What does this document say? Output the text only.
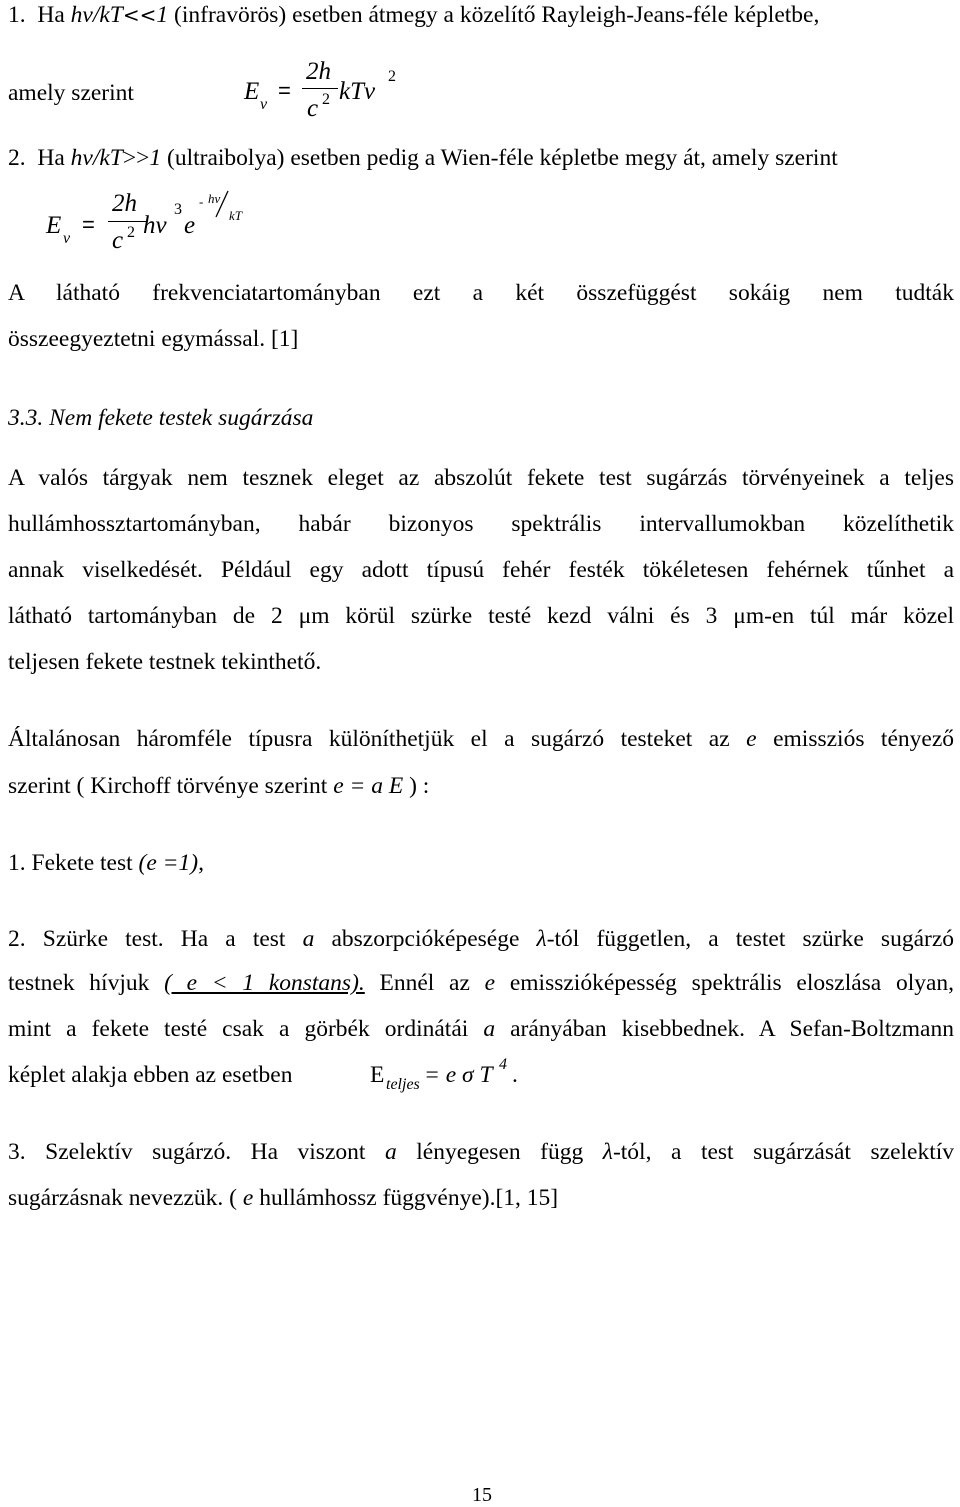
1. Ha hv/kT<<1 (infravörös) esetben átmegy a közelítő Rayleigh-Jeans-féle képletbe,
amely szerint	E ν
=
2h
c 2 kTν
2
2. Ha hv/kT>>1 (ultraibolya) esetben pedig a Wien-féle képletbe megy át, amely szerint
E ν
=
2h
c 2 hν
3
e
- hν
kT
A látható frekvenciatartományban ezt a két összefüggést sokáig nem tudták
összeegyeztetni egymással. [1]
3.3. Nem fekete testek sugárzása
A valós tárgyak nem tesznek eleget az abszolút fekete test sugárzás törvényeinek a teljes
hullámhossztartományban, habár bizonyos spektrális intervallumokban közelíthetik
annak viselkedését. Például egy adott típusú fehér festék tökéletesen fehérnek tűnhet a
látható tartományban de 2 μm körül szürke testé kezd válni és 3 μm-en túl már közel
teljesen fekete testnek tekinthető.
Általánosan háromféle típusra különíthetjük el a sugárzó testeket az e emissziós tényező
szerint ( Kirchoff törvénye szerint e = a E ) :
1. Fekete test (e =1),
2. Szürke test. Ha a test a abszorpcióképesége λ-tól független, a testet szürke sugárzó
testnek hívjuk ( e < 1 konstans). Ennél az e emisszióképesség spektrális eloszlása olyan,
mint a fekete testé csak a görbék ordinátái a arányában kisebbednek. A Sefan-Boltzmann
képlet alakja ebben az esetben	E teljes = e σ T 4 .
3. Szelektív sugárzó. Ha viszont a lényegesen függ λ-tól, a test sugárzását szelektív
sugárzásnak nevezzük. ( e hullámhossz függvénye).[1, 15]
15
